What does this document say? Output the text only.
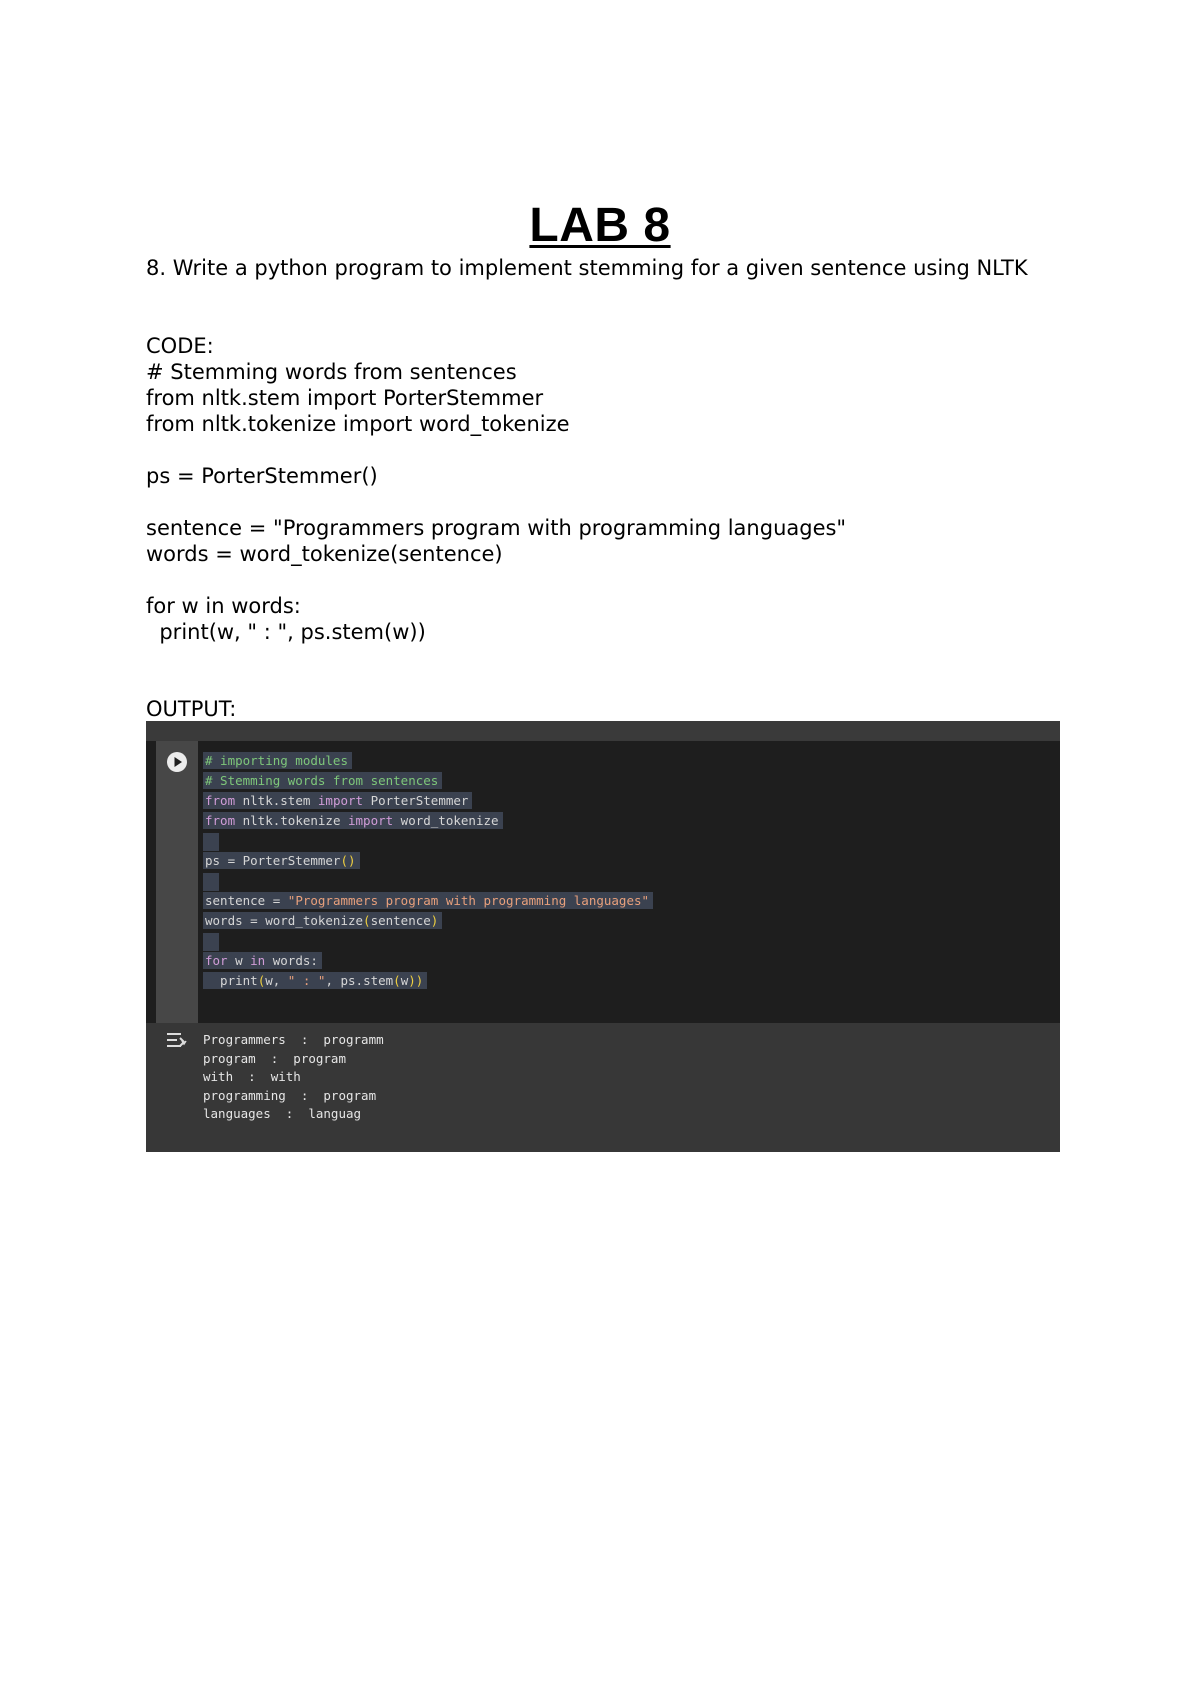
LAB 8
8. Write a python program to implement stemming for a given sentence using NLTK
CODE:
# Stemming words from sentences
from nltk.stem import PorterStemmer
from nltk.tokenize import word_tokenize
ps = PorterStemmer()
sentence = "Programmers program with programming languages"
words = word_tokenize(sentence)
for w in words:
print(w, " : ", ps.stem(w))
OUTPUT:
# importing modules
# Stemming words from sentences
from nltk.stem import PorterStemmer
from nltk.tokenize import word_tokenize
ps = PorterStemmer()
sentence = "Programmers program with programming languages"
words = word_tokenize(sentence)
for w in words:
print(w, " : ", ps.stem(w))
Programmers  :  programm
program  :  program
with  :  with
programming  :  program
languages  :  languag
